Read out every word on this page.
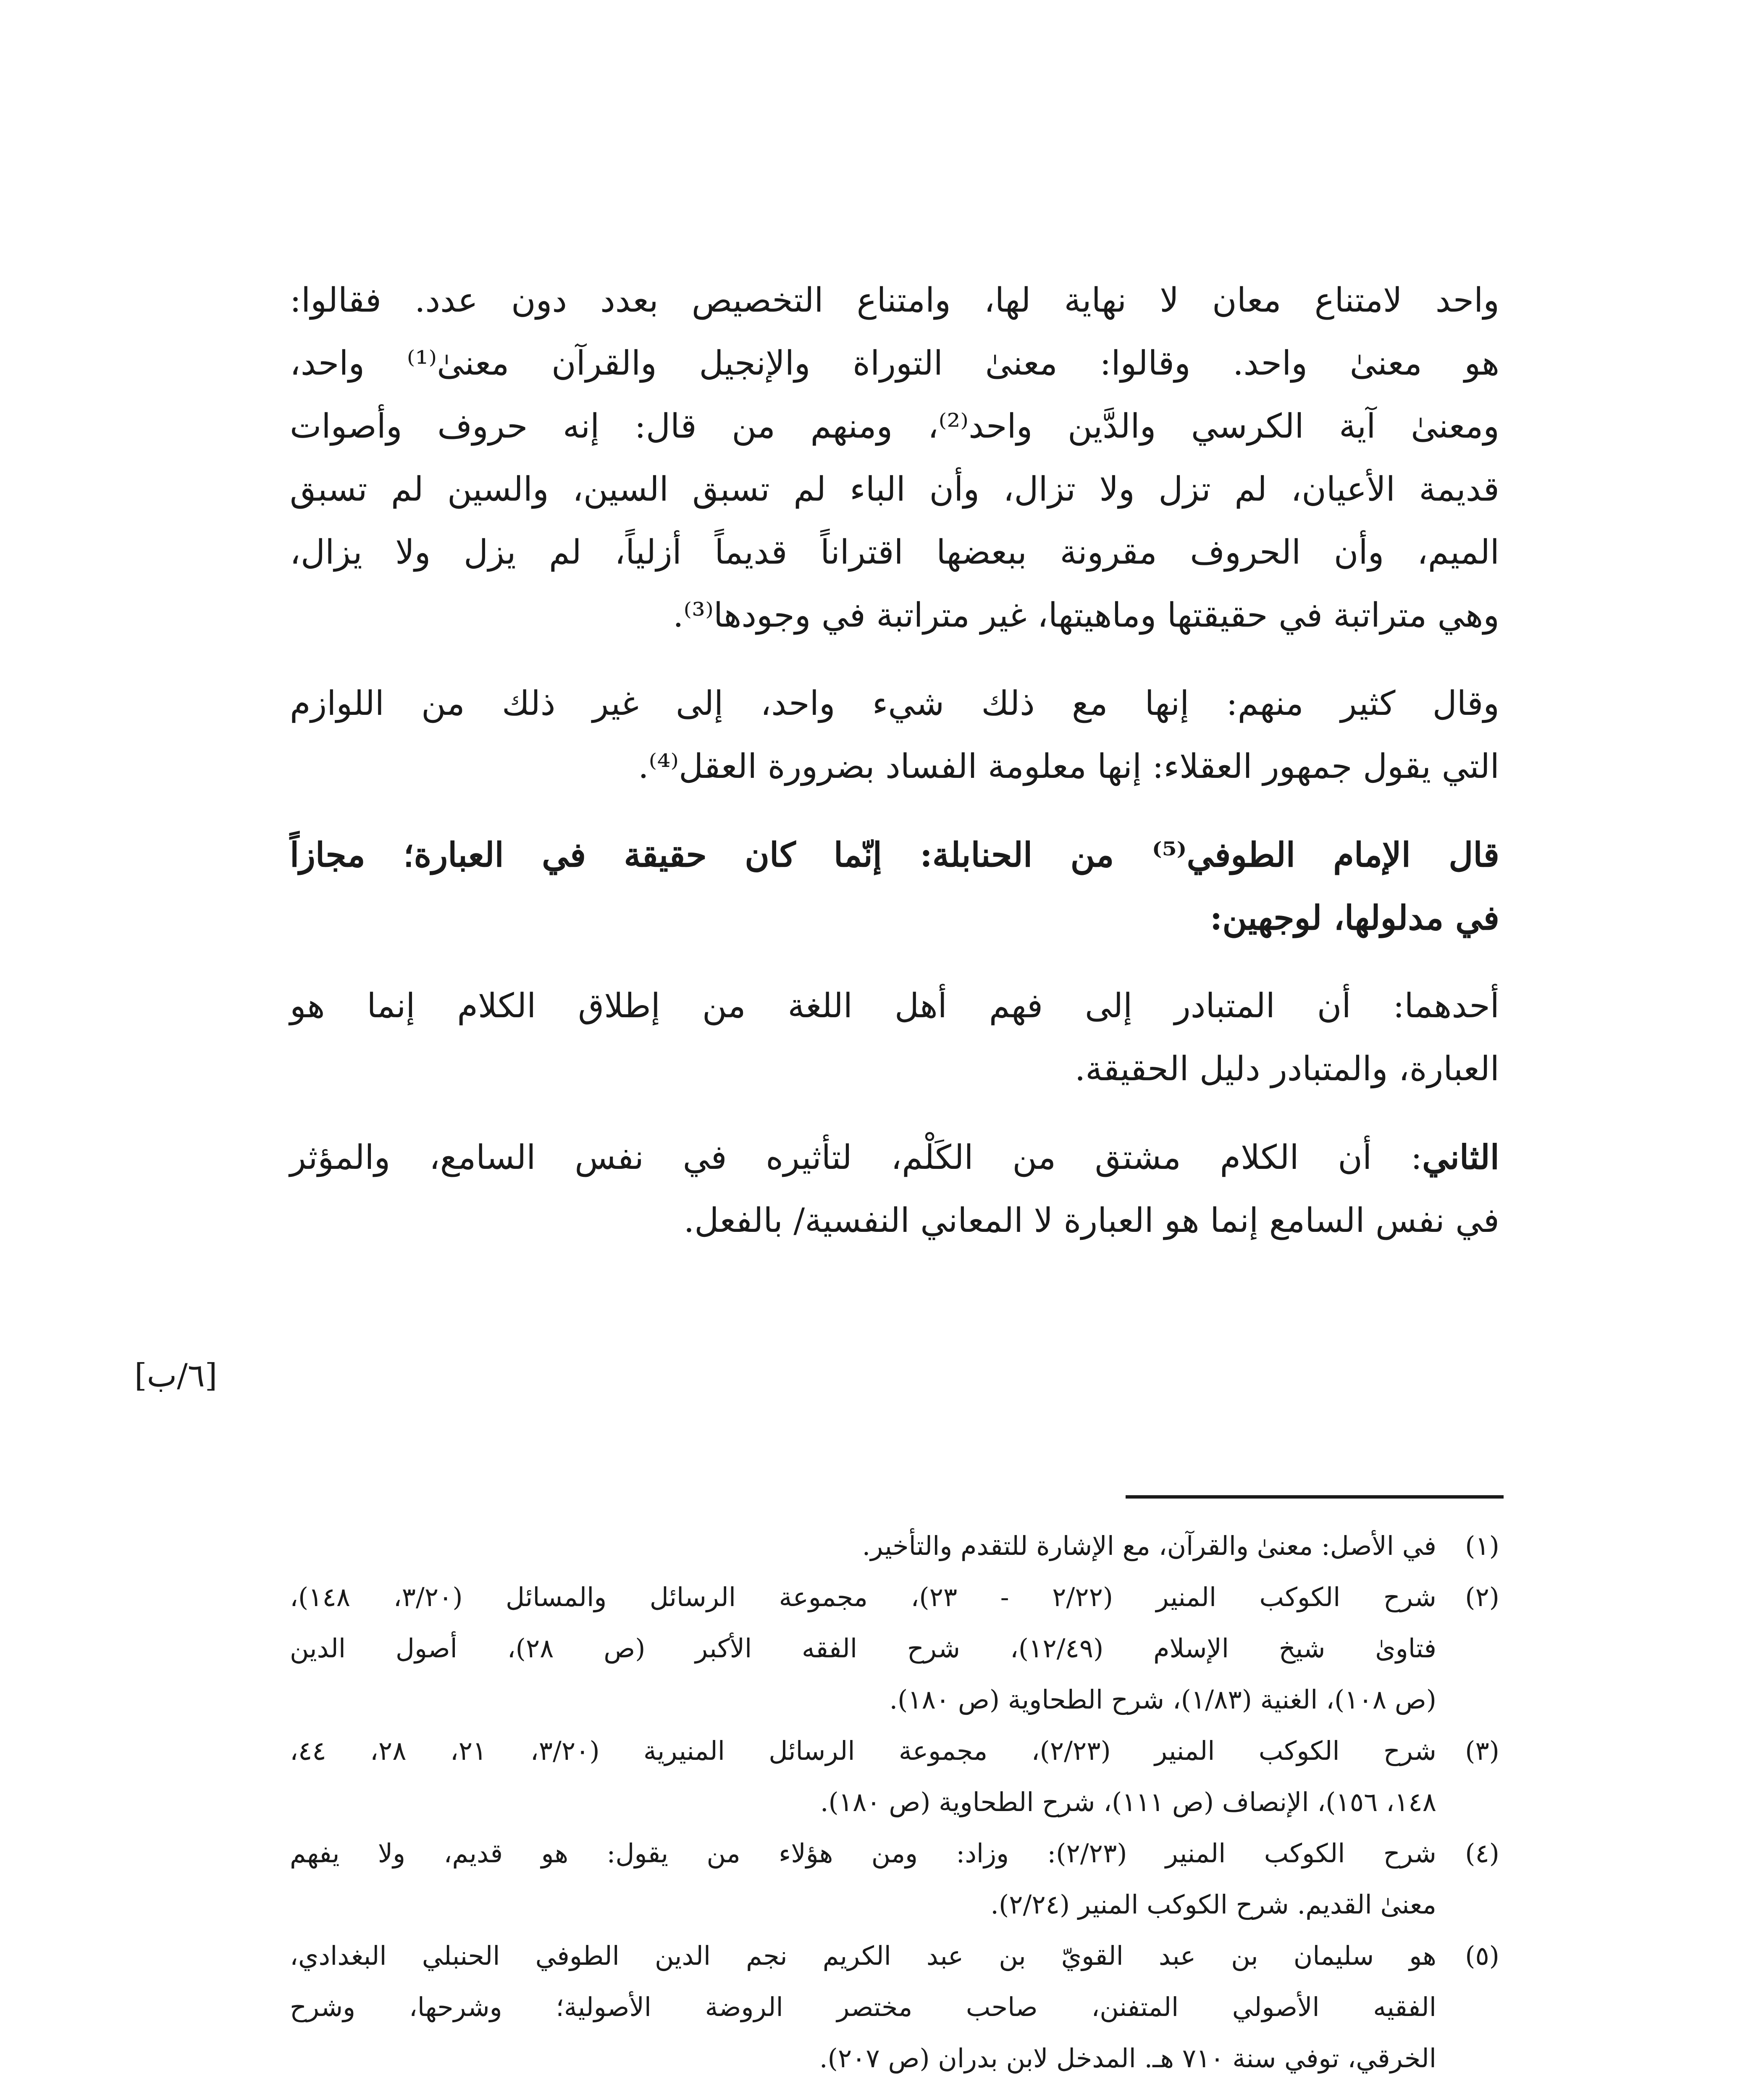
واحد لامتناع معان لا نهاية لها، وامتناع التخصيص بعدد دون عدد. فقالوا:
هو معنىٰ واحد. وقالوا: معنىٰ التوراة والإنجيل والقرآن معنىٰ⁽¹⁾ واحد،
ومعنىٰ آية الكرسي والدَّين واحد⁽²⁾، ومنهم من قال: إنه حروف وأصوات
قديمة الأعيان، لم تزل ولا تزال، وأن الباء لم تسبق السين، والسين لم تسبق
الميم، وأن الحروف مقرونة ببعضها اقتراناً قديماً أزلياً، لم يزل ولا يزال،
وهي متراتبة في حقيقتها وماهيتها، غير متراتبة في وجودها⁽³⁾.

وقال كثير منهم: إنها مع ذلك شيء واحد، إلى غير ذلك من اللوازم
التي يقول جمهور العقلاء: إنها معلومة الفساد بضرورة العقل⁽⁴⁾.

قال الإمام الطوفي⁽⁵⁾ من الحنابلة: إنّما كان حقيقة في العبارة؛ مجازاً
في مدلولها، لوجهين:

أحدهما: أن المتبادر إلى فهم أهل اللغة من إطلاق الكلام إنما هو
العبارة، والمتبادر دليل الحقيقة.

الثاني: أن الكلام مشتق من الكَلْم، لتأثيره في نفس السامع، والمؤثر
في نفس السامع إنما هو العبارة لا المعاني النفسية/ بالفعل.

[٦/ب]

(١)
في الأصل: معنىٰ والقرآن، مع الإشارة للتقدم والتأخير.

(٢)
شرح الكوكب المنير (٢/٢٢ - ٢٣)، مجموعة الرسائل والمسائل (٣/٢٠، ١٤٨)،
فتاوىٰ شيخ الإسلام (١٢/٤٩)، شرح الفقه الأكبر (ص ٢٨)، أصول الدين
(ص ١٠٨)، الغنية (١/٨٣)، شرح الطحاوية (ص ١٨٠).

(٣)
شرح الكوكب المنير (٢/٢٣)، مجموعة الرسائل المنيرية (٣/٢٠، ٢١، ٢٨، ٤٤،
١٤٨، ١٥٦)، الإنصاف (ص ١١١)، شرح الطحاوية (ص ١٨٠).

(٤)
شرح الكوكب المنير (٢/٢٣): وزاد: ومن هؤلاء من يقول: هو قديم، ولا يفهم
معنىٰ القديم. شرح الكوكب المنير (٢/٢٤).

(٥)
هو سليمان بن عبد القويّ بن عبد الكريم نجم الدين الطوفي الحنبلي البغدادي،
الفقيه الأصولي المتفنن، صاحب مختصر الروضة الأصولية؛ وشرحها، وشرح
الخرقي، توفي سنة ٧١٠ هـ. المدخل لابن بدران (ص ٢٠٧).
